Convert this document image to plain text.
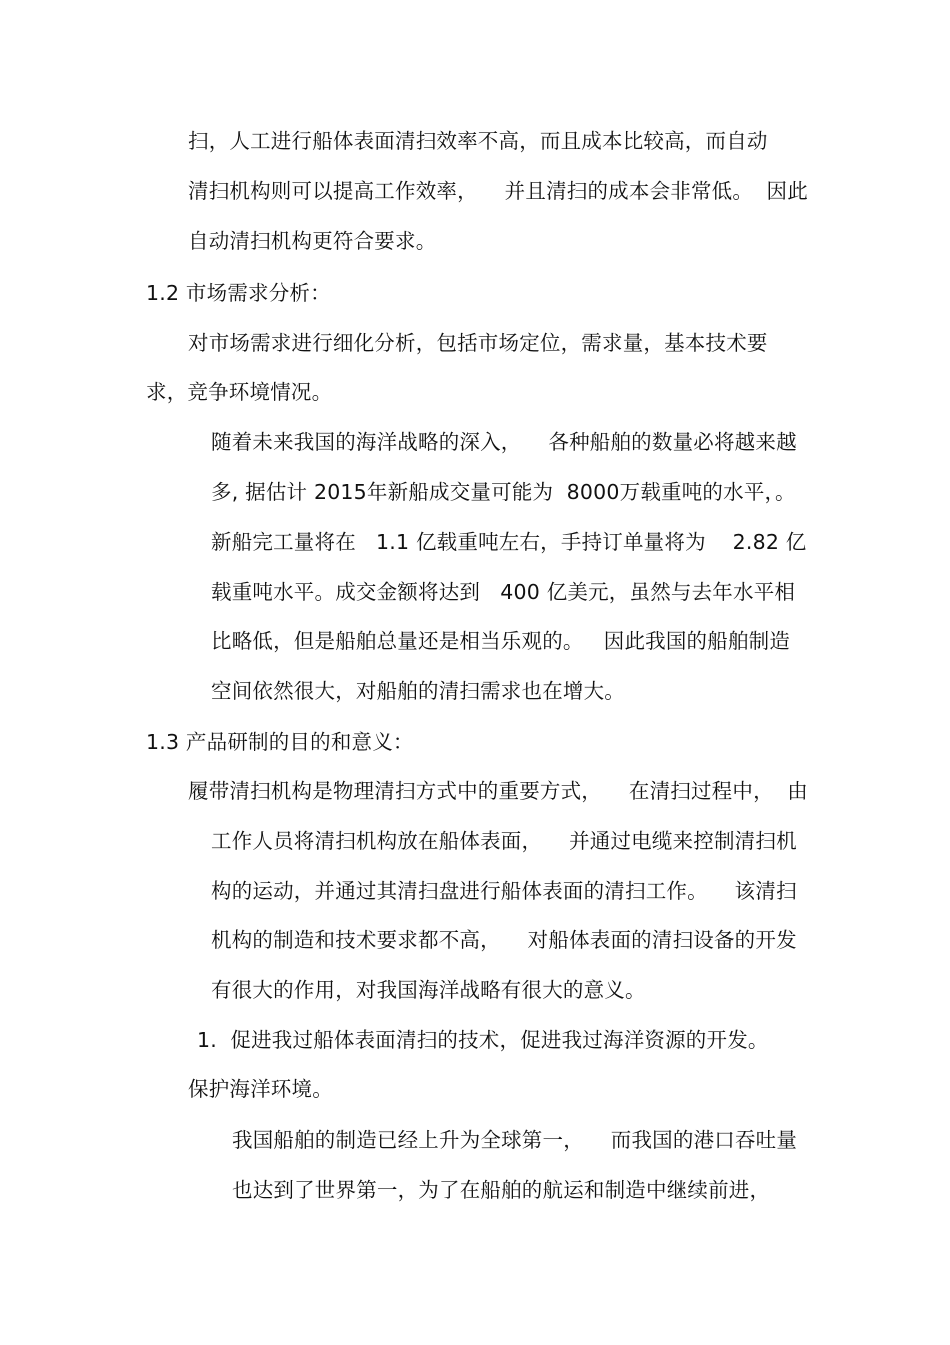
扫，人工进行船体表面清扫效率不高，而且成本比较高，而自动
清扫机构则可以提高工作效率，    并且清扫的成本会非常低。  因此
自动清扫机构更符合要求。
1.2 市场需求分析：
对市场需求进行细化分析，包括市场定位，需求量，基本技术要
求，竞争环境情况。
随着未来我国的海洋战略的深入，    各种船舶的数量必将越来越
多, 据估计 2015年新船成交量可能为  8000万载重吨的水平，。
新船完工量将在   1.1 亿载重吨左右，手持订单量将为    2.82 亿
载重吨水平。成交金额将达到   400 亿美元，虽然与去年水平相
比略低，但是船舶总量还是相当乐观的。   因此我国的船舶制造
空间依然很大，对船舶的清扫需求也在增大。
1.3 产品研制的目的和意义：
履带清扫机构是物理清扫方式中的重要方式，    在清扫过程中，  由
工作人员将清扫机构放在船体表面，    并通过电缆来控制清扫机
构的运动，并通过其清扫盘进行船体表面的清扫工作。    该清扫
机构的制造和技术要求都不高，    对船体表面的清扫设备的开发
有很大的作用，对我国海洋战略有很大的意义。
1.  促进我过船体表面清扫的技术，促进我过海洋资源的开发。
保护海洋环境。
我国船舶的制造已经上升为全球第一，    而我国的港口吞吐量
也达到了世界第一，为了在船舶的航运和制造中继续前进，
